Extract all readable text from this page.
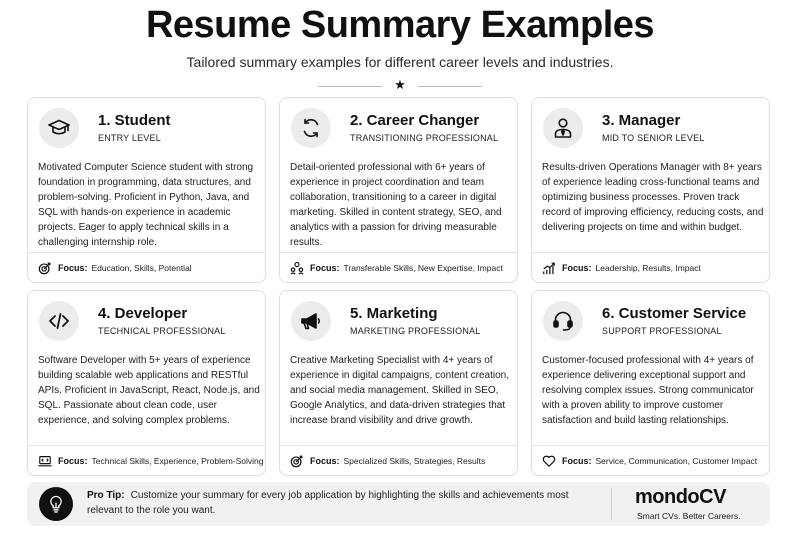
Resume Summary Examples
Tailored summary examples for different career levels and industries.
★
1. Student
ENTRY LEVEL
Motivated Computer Science student with strong foundation in programming, data structures, and problem-solving. Proficient in Python, Java, and SQL with hands-on experience in academic projects. Eager to apply technical skills in a challenging internship role.
Focus: Education, Skills, Potential
2. Career Changer
TRANSITIONING PROFESSIONAL
Detail-oriented professional with 6+ years of experience in project coordination and team collaboration, transitioning to a career in digital marketing. Skilled in content strategy, SEO, and analytics with a passion for driving measurable results.
Focus: Transferable Skills, New Expertise, Impact
3. Manager
MID TO SENIOR LEVEL
Results-driven Operations Manager with 8+ years of experience leading cross-functional teams and optimizing business processes. Proven track record of improving efficiency, reducing costs, and delivering projects on time and within budget.
Focus: Leadership, Results, Impact
4. Developer
TECHNICAL PROFESSIONAL
Software Developer with 5+ years of experience building scalable web applications and RESTful APIs. Proficient in JavaScript, React, Node.js, and SQL. Passionate about clean code, user experience, and solving complex problems.
Focus: Technical Skills, Experience, Problem-Solving
5. Marketing
MARKETING PROFESSIONAL
Creative Marketing Specialist with 4+ years of experience in digital campaigns, content creation, and social media management. Skilled in SEO, Google Analytics, and data-driven strategies that increase brand visibility and drive growth.
Focus: Specialized Skills, Strategies, Results
6. Customer Service
SUPPORT PROFESSIONAL
Customer-focused professional with 4+ years of experience delivering exceptional support and resolving complex issues. Strong communicator with a proven ability to improve customer satisfaction and build lasting relationships.
Focus: Service, Communication, Customer Impact
Pro Tip: Customize your summary for every job application by highlighting the skills and achievements most relevant to the role you want.
mondoCV
Smart CVs. Better Careers.
